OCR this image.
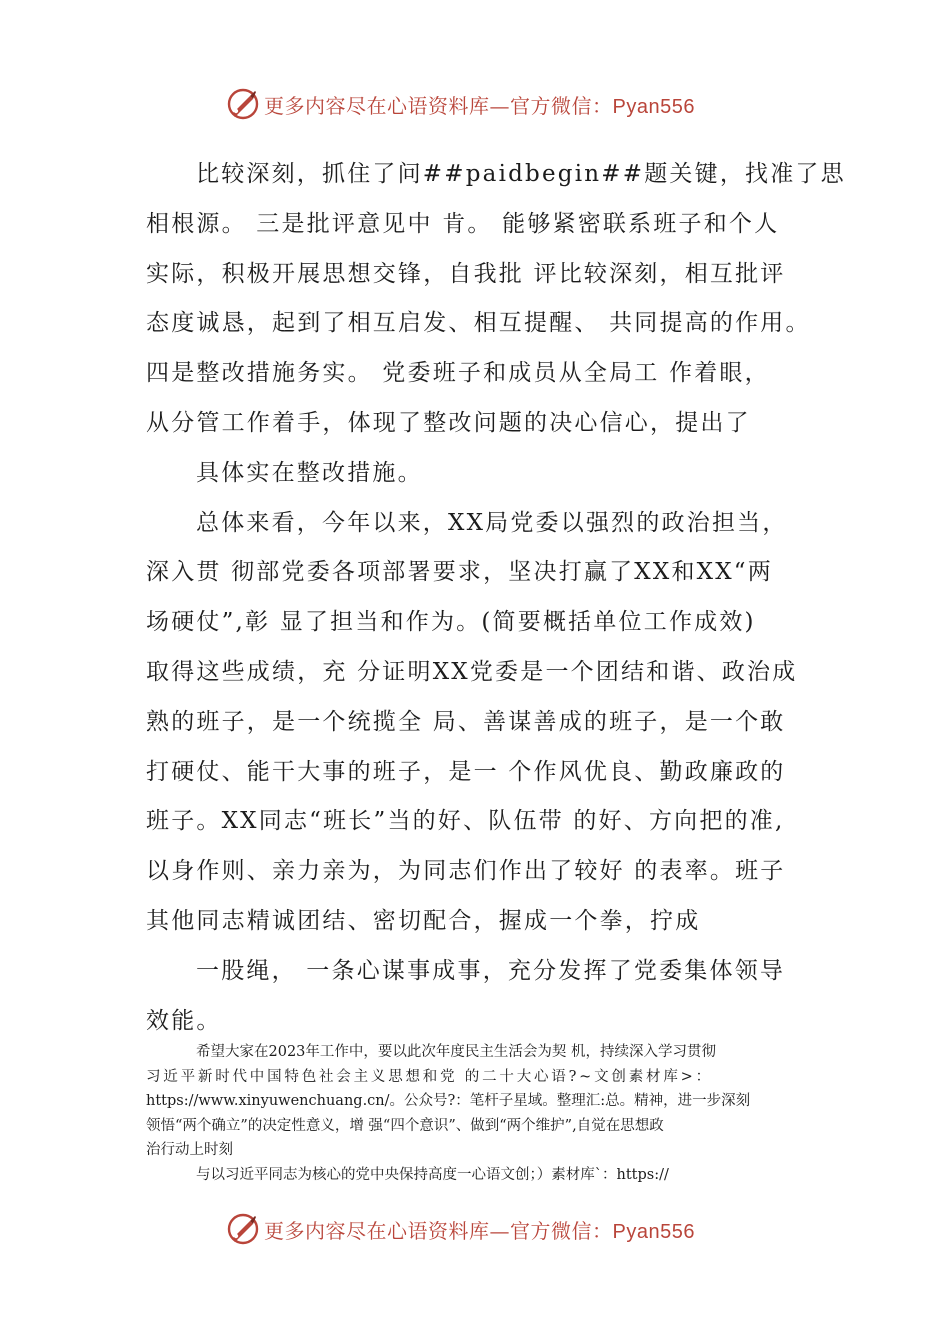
更多内容尽在心语资料库—官方微信：Pyan556
比较深刻，抓住了问##paidbegin##题关键，找准了思
相根源。 三是批评意见中 肯。 能够紧密联系班子和个人
实际，积极开展思想交锋，自我批 评比较深刻，相互批评
态度诚恳，起到了相互启发、相互提醒、 共同提高的作用。
四是整改措施务实。 党委班子和成员从全局工 作着眼，
从分管工作着手，体现了整改问题的决心信心，提出了
具体实在整改措施。
总体来看，今年以来，XX局党委以强烈的政治担当，
深入贯 彻部党委各项部署要求，坚决打赢了XX和XX“两
场硬仗”,彰 显了担当和作为。(简要概括单位工作成效)
取得这些成绩，充 分证明XX党委是一个团结和谐、政治成
熟的班子，是一个统揽全 局、善谋善成的班子，是一个敢
打硬仗、能干大事的班子，是一 个作风优良、勤政廉政的
班子。XX同志“班长”当的好、队伍带 的好、方向把的准,
以身作则、亲力亲为，为同志们作出了较好 的表率。班子
其他同志精诚团结、密切配合，握成一个拳，拧成
一股绳， 一条心谋事成事，充分发挥了党委集体领导
效能。
希望大家在2023年工作中，要以此次年度民主生活会为契 机，持续深入学习贯彻
习近平新时代中国特色社会主义思想和党 的二十大心语?~文创素材库>：
https://www.xinyuwenchuang.cn/。公众号?：笔杆子星域。整理汇:总。精神，进一步深刻
领悟“两个确立”的决定性意义，增 强“四个意识”、做到“两个维护”,自觉在思想政
治行动上时刻
与以习近平同志为核心的党中央保持高度一心语文创；）素材库`：https://
更多内容尽在心语资料库—官方微信：Pyan556
